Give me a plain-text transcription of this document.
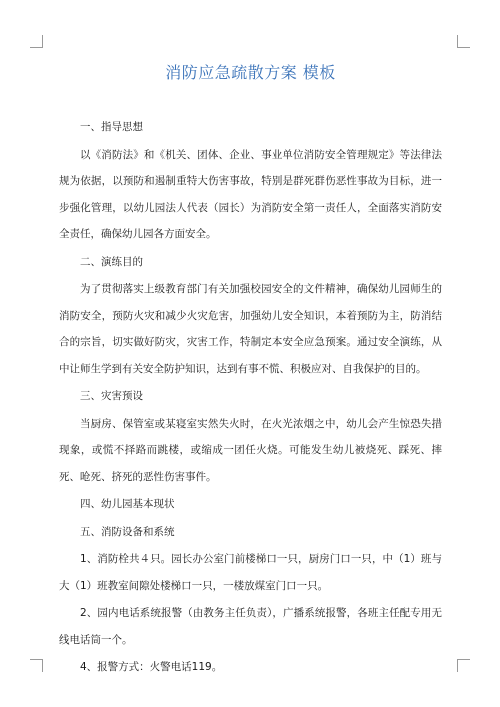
消防应急疏散方案 模板

一、指导思想

以《消防法》和《机关、团体、企业、事业单位消防安全管理规定》等法律法规为依据，以预防和遏制重特大伤害事故，特别是群死群伤恶性事故为目标，进一步强化管理，以幼儿园法人代表（园长）为消防安全第一责任人，全面落实消防安全责任，确保幼儿园各方面安全。

二、演练目的

为了贯彻落实上级教育部门有关加强校园安全的文件精神，确保幼儿园师生的消防安全，预防火灾和减少火灾危害，加强幼儿安全知识，本着预防为主，防消结合的宗旨，切实做好防灾，灾害工作，特制定本安全应急预案。通过安全演练，从中让师生学到有关安全防护知识，达到有事不慌、积极应对、自我保护的目的。

三、灾害预设

当厨房、保管室或某寝室实然失火时，在火光浓烟之中，幼儿会产生惊恐失措现象，或慌不择路而跳楼，或缩成一团任火烧。可能发生幼儿被烧死、踩死、摔死、呛死、挤死的恶性伤害事件。

四、幼儿园基本现状

五、消防设备和系统

1、消防栓共４只。园长办公室门前楼梯口一只，厨房门口一只，中（1）班与大（1）班教室间隙处楼梯口一只，一楼放煤室门口一只。

2、园内电话系统报警（由教务主任负责），广播系统报警，各班主任配专用无线电话筒一个。

4、报警方式：火警电话119。
